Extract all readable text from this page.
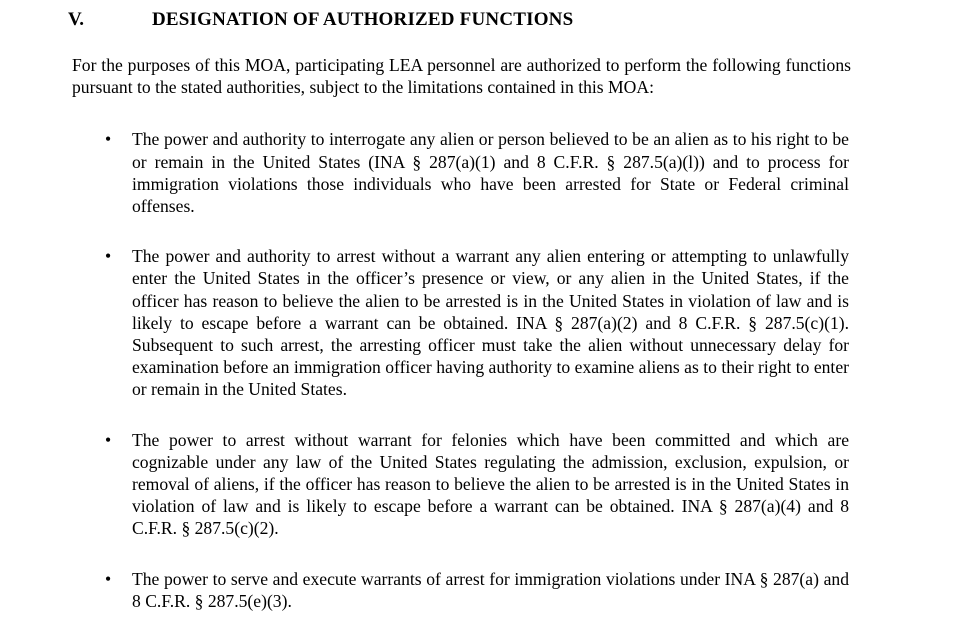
V.	DESIGNATION OF AUTHORIZED FUNCTIONS

For the purposes of this MOA, participating LEA personnel are authorized to perform the following functions pursuant to the stated authorities, subject to the limitations contained in this MOA:

• The power and authority to interrogate any alien or person believed to be an alien as to his right to be or remain in the United States (INA § 287(a)(1) and 8 C.F.R. § 287.5(a)(l)) and to process for immigration violations those individuals who have been arrested for State or Federal criminal offenses.
• The power and authority to arrest without a warrant any alien entering or attempting to unlawfully enter the United States in the officer’s presence or view, or any alien in the United States, if the officer has reason to believe the alien to be arrested is in the United States in violation of law and is likely to escape before a warrant can be obtained. INA § 287(a)(2) and 8 C.F.R. § 287.5(c)(1). Subsequent to such arrest, the arresting officer must take the alien without unnecessary delay for examination before an immigration officer having authority to examine aliens as to their right to enter or remain in the United States.
• The power to arrest without warrant for felonies which have been committed and which are cognizable under any law of the United States regulating the admission, exclusion, expulsion, or removal of aliens, if the officer has reason to believe the alien to be arrested is in the United States in violation of law and is likely to escape before a warrant can be obtained. INA § 287(a)(4) and 8 C.F.R. § 287.5(c)(2).
• The power to serve and execute warrants of arrest for immigration violations under INA § 287(a) and 8 C.F.R. § 287.5(e)(3).
